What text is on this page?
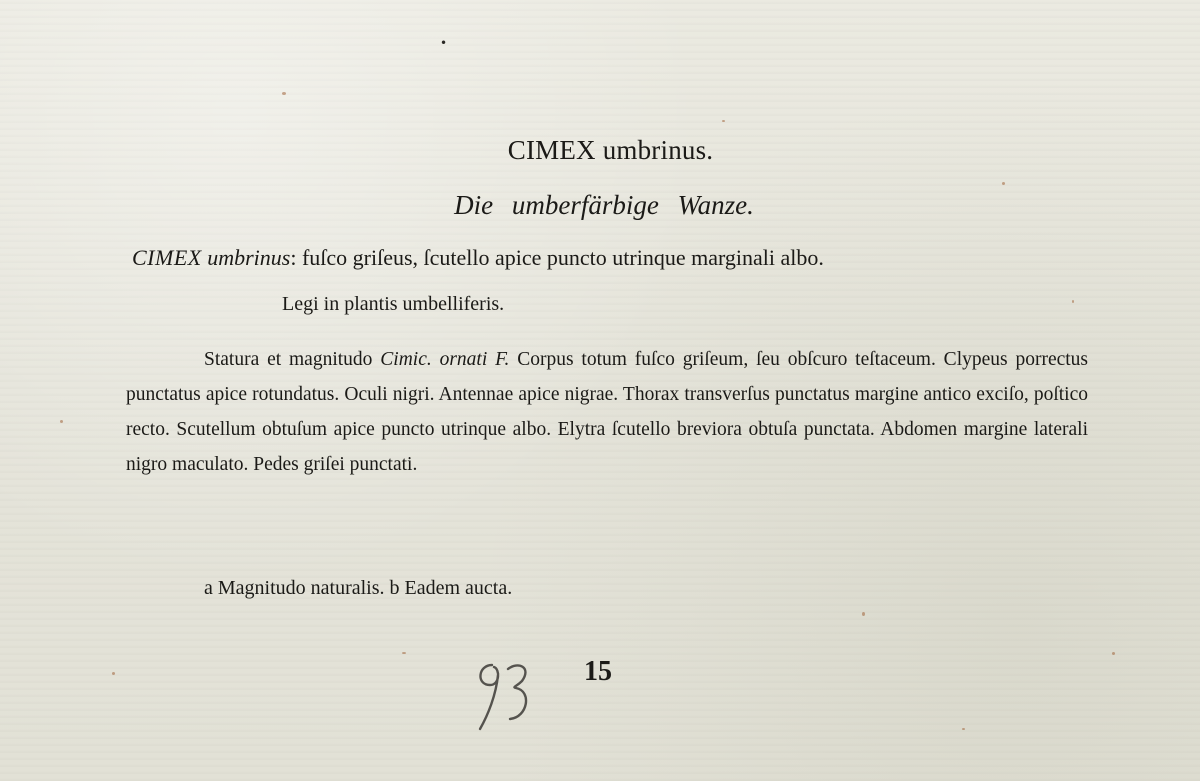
•
CIMEX umbrinus.
Die umberfärbige Wanze.
CIMEX umbrinus: fuſco griſeus, ſcutello apice puncto utrinque marginali albo.
Legi in plantis umbelliferis.
Statura et magnitudo Cimic. ornati F. Corpus totum fuſco griſeum, ſeu obſcuro teſtaceum. Clypeus porrectus punctatus apice rotundatus. Oculi nigri. Antennae apice nigrae. Thorax transverſus punctatus margine antico exciſo, poſtico recto. Scutellum obtuſum apice puncto utrinque albo. Elytra ſcutello breviora obtuſa punctata. Abdomen margine laterali nigro maculato. Pedes griſei punctati.
a Magnitudo naturalis. b Eadem aucta.
15
